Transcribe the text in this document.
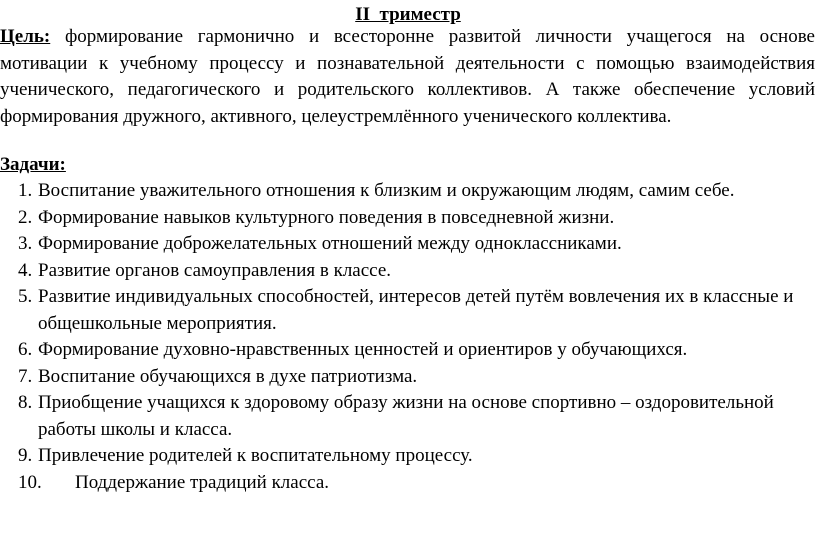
II  триместр
Цель: формирование гармонично и всесторонне развитой личности учащегося на основе мотивации к учебному процессу и познавательной деятельности с помощью взаимодействия ученического, педагогического и родительского коллективов. А также обеспечение условий формирования дружного, активного, целеустремлённого ученического коллектива.
Задачи:
1. Воспитание уважительного отношения к близким и окружающим людям, самим себе.
2. Формирование навыков культурного поведения в повседневной жизни.
3. Формирование доброжелательных отношений между одноклассниками.
4. Развитие органов самоуправления в классе.
5. Развитие индивидуальных способностей, интересов детей путём вовлечения их в классные и общешкольные мероприятия.
6. Формирование духовно-нравственных ценностей и ориентиров у обучающихся.
7. Воспитание обучающихся в духе патриотизма.
8. Приобщение учащихся к здоровому образу жизни на основе спортивно – оздоровительной работы школы и класса.
9. Привлечение родителей к воспитательному процессу.
10. Поддержание традиций класса.
